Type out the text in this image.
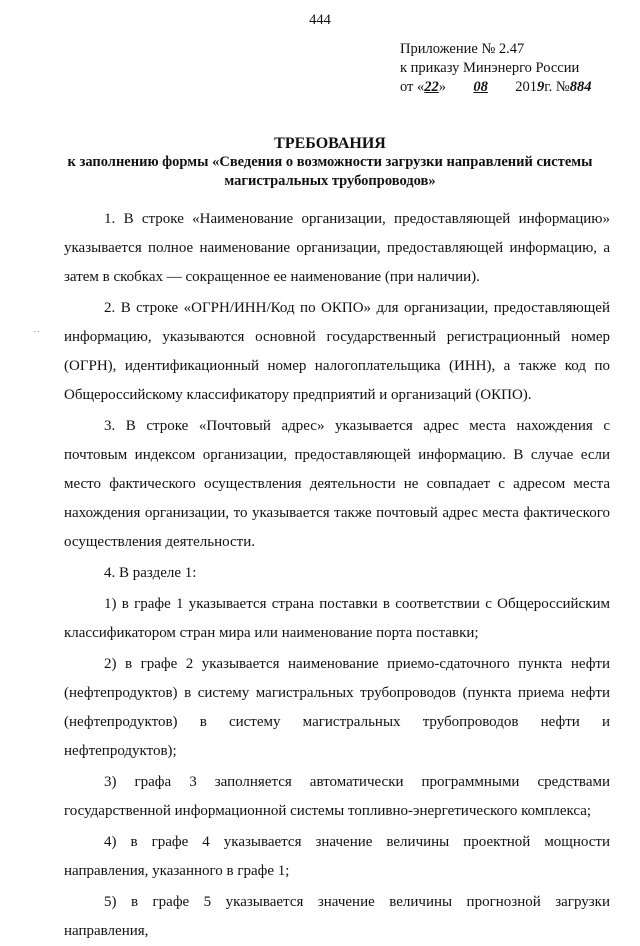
444
Приложение № 2.47
к приказу Минэнерго России
от «22» 08 2019г. №884
ТРЕБОВАНИЯ
к заполнению формы «Сведения о возможности загрузки направлений системы магистральных трубопроводов»
··

1. В строке «Наименование организации, предоставляющей информацию» указывается полное наименование организации, предоставляющей информацию, а затем в скобках — сокращенное ее наименование (при наличии).

2. В строке «ОГРН/ИНН/Код по ОКПО» для организации, предоставляющей информацию, указываются основной государственный регистрационный номер (ОГРН), идентификационный номер налогоплательщика (ИНН), а также код по Общероссийскому классификатору предприятий и организаций (ОКПО).

3. В строке «Почтовый адрес» указывается адрес места нахождения с почтовым индексом организации, предоставляющей информацию. В случае если место фактического осуществления деятельности не совпадает с адресом места нахождения организации, то указывается также почтовый адрес места фактического осуществления деятельности.

4. В разделе 1:

1) в графе 1 указывается страна поставки в соответствии с Общероссийским классификатором стран мира или наименование порта поставки;

2) в графе 2 указывается наименование приемо-сдаточного пункта нефти (нефтепродуктов) в систему магистральных трубопроводов (пункта приема нефти (нефтепродуктов) в систему магистральных трубопроводов нефти и нефтепродуктов);

3) графа 3 заполняется автоматически программными средствами государственной информационной системы топливно-энергетического комплекса;

4) в графе 4 указывается значение величины проектной мощности направления, указанного в графе 1;

5) в графе 5 указывается значение величины прогнозной загрузки направления,
